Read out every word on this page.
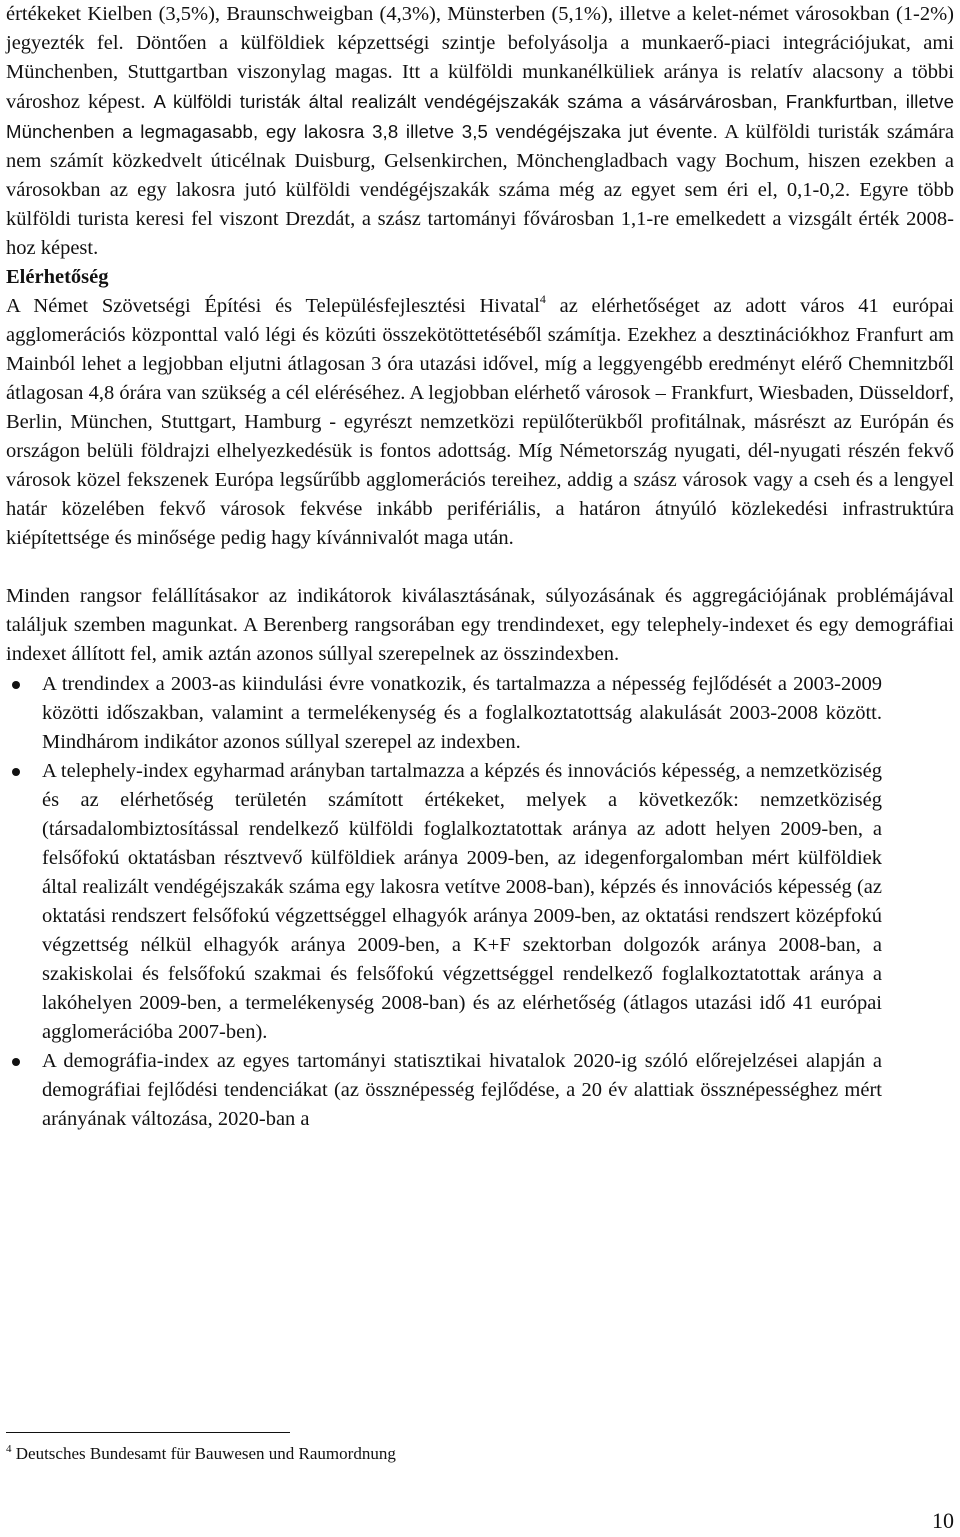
értékeket Kielben (3,5%), Braunschweigban (4,3%), Münsterben (5,1%), illetve a kelet-német városokban (1-2%) jegyezték fel. Döntően a külföldiek képzettségi szintje befolyásolja a munkaerő-piaci integrációjukat, ami Münchenben, Stuttgartban viszonylag magas. Itt a külföldi munkanélküliek aránya is relatív alacsony a többi városhoz képest. A külföldi turisták által realizált vendégéjszakák száma a vásárvárosban, Frankfurtban, illetve Münchenben a legmagasabb, egy lakosra 3,8 illetve 3,5 vendégéjszaka jut évente. A külföldi turisták számára nem számít közkedvelt úticélnak Duisburg, Gelsenkirchen, Mönchengladbach vagy Bochum, hiszen ezekben a városokban az egy lakosra jutó külföldi vendégéjszakák száma még az egyet sem éri el, 0,1-0,2. Egyre több külföldi turista keresi fel viszont Drezdát, a szász tartományi fővárosban 1,1-re emelkedett a vizsgált érték 2008-hoz képest.

Elérhetőség

A Német Szövetségi Építési és Településfejlesztési Hivatal$^4$ az elérhetőséget az adott város 41 európai agglomerációs központtal való légi és közúti összekötöttetéséből számítja. Ezekhez a desztinációkhoz Franfurt am Mainból lehet a legjobban eljutni átlagosan 3 óra utazási idővel, míg a leggyengébb eredményt elérő Chemnitzből átlagosan 4,8 órára van szükség a cél eléréséhez. A legjobban elérhető városok – Frankfurt, Wiesbaden, Düsseldorf, Berlin, München, Stuttgart, Hamburg - egyrészt nemzetközi repülőterükből profitálnak, másrészt az Európán és országon belüli földrajzi elhelyezkedésük is fontos adottság. Míg Németország nyugati, dél-nyugati részén fekvő városok közel fekszenek Európa legsűrűbb agglomerációs tereihez, addig a szász városok vagy a cseh és a lengyel határ közelében fekvő városok fekvése inkább perifériális, a határon átnyúló közlekedési infrastruktúra kiépítettsége és minősége pedig hagy kívánnivalót maga után.

Minden rangsor felállításakor az indikátorok kiválasztásának, súlyozásának és aggregációjának problémájával találjuk szemben magunkat. A Berenberg rangsorában egy trendindexet, egy telephely-indexet és egy demográfiai indexet állított fel, amik aztán azonos súllyal szerepelnek az összindexben.

A trendindex a 2003-as kiindulási évre vonatkozik, és tartalmazza a népesség fejlődését a 2003-2009 közötti időszakban, valamint a termelékenység és a foglalkoztatottság alakulását 2003-2008 között. Mindhárom indikátor azonos súllyal szerepel az indexben.
A telephely-index egyharmad arányban tartalmazza a képzés és innovációs képesség, a nemzetköziség és az elérhetőség területén számított értékeket, melyek a következők: nemzetköziség (társadalombiztosítással rendelkező külföldi foglalkoztatottak aránya az adott helyen 2009-ben, a felsőfokú oktatásban résztvevő külföldiek aránya 2009-ben, az idegenforgalomban mért külföldiek által realizált vendégéjszakák száma egy lakosra vetítve 2008-ban), képzés és innovációs képesség (az oktatási rendszert felsőfokú végzettséggel elhagyók aránya 2009-ben, az oktatási rendszert középfokú végzettség nélkül elhagyók aránya 2009-ben, a K+F szektorban dolgozók aránya 2008-ban, a szakiskolai és felsőfokú szakmai és felsőfokú végzettséggel rendelkező foglalkoztatottak aránya a lakóhelyen 2009-ben, a termelékenység 2008-ban) és az elérhetőség (átlagos utazási idő 41 európai agglomerációba 2007-ben).
A demográfia-index az egyes tartományi statisztikai hivatalok 2020-ig szóló előrejelzései alapján a demográfiai fejlődési tendenciákat (az össznépesség fejlődése, a 20 év alattiak össznépességhez mért arányának változása, 2020-ban a
$^4$ Deutsches Bundesamt für Bauwesen und Raumordnung
10
